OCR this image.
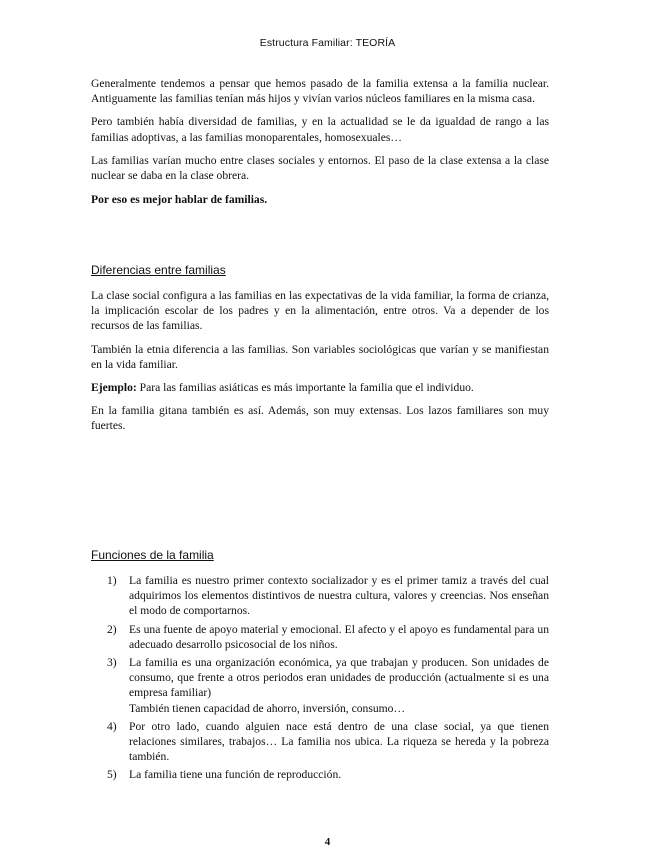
Estructura Familiar: TEORÍA

Generalmente tendemos a pensar que hemos pasado de la familia extensa a la familia nuclear. Antiguamente las familias tenían más hijos y vivían varios núcleos familiares en la misma casa.

Pero también había diversidad de familias, y en la actualidad se le da igualdad de rango a las familias adoptivas, a las familias monoparentales, homosexuales…

Las familias varían mucho entre clases sociales y entornos. El paso de la clase extensa a la clase nuclear se daba en la clase obrera.

Por eso es mejor hablar de familias.

Diferencias entre familias

La clase social configura a las familias en las expectativas de la vida familiar, la forma de crianza, la implicación escolar de los padres y en la alimentación, entre otros. Va a depender de los recursos de las familias.

También la etnia diferencia a las familias. Son variables sociológicas que varían y se manifiestan en la vida familiar.

Ejemplo: Para las familias asiáticas es más importante la familia que el individuo.

En la familia gitana también es así. Además, son muy extensas. Los lazos familiares son muy fuertes.

Funciones de la familia
1) La familia es nuestro primer contexto socializador y es el primer tamiz a través del cual adquirimos los elementos distintivos de nuestra cultura, valores y creencias. Nos enseñan el modo de comportarnos.
2) Es una fuente de apoyo material y emocional. El afecto y el apoyo es fundamental para un adecuado desarrollo psicosocial de los niños.
3) La familia es una organización económica, ya que trabajan y producen. Son unidades de consumo, que frente a otros periodos eran unidades de producción (actualmente si es una empresa familiar)
También tienen capacidad de ahorro, inversión, consumo…
4) Por otro lado, cuando alguien nace está dentro de una clase social, ya que tienen relaciones similares, trabajos… La familia nos ubica. La riqueza se hereda y la pobreza también.
5) La familia tiene una función de reproducción.
4
